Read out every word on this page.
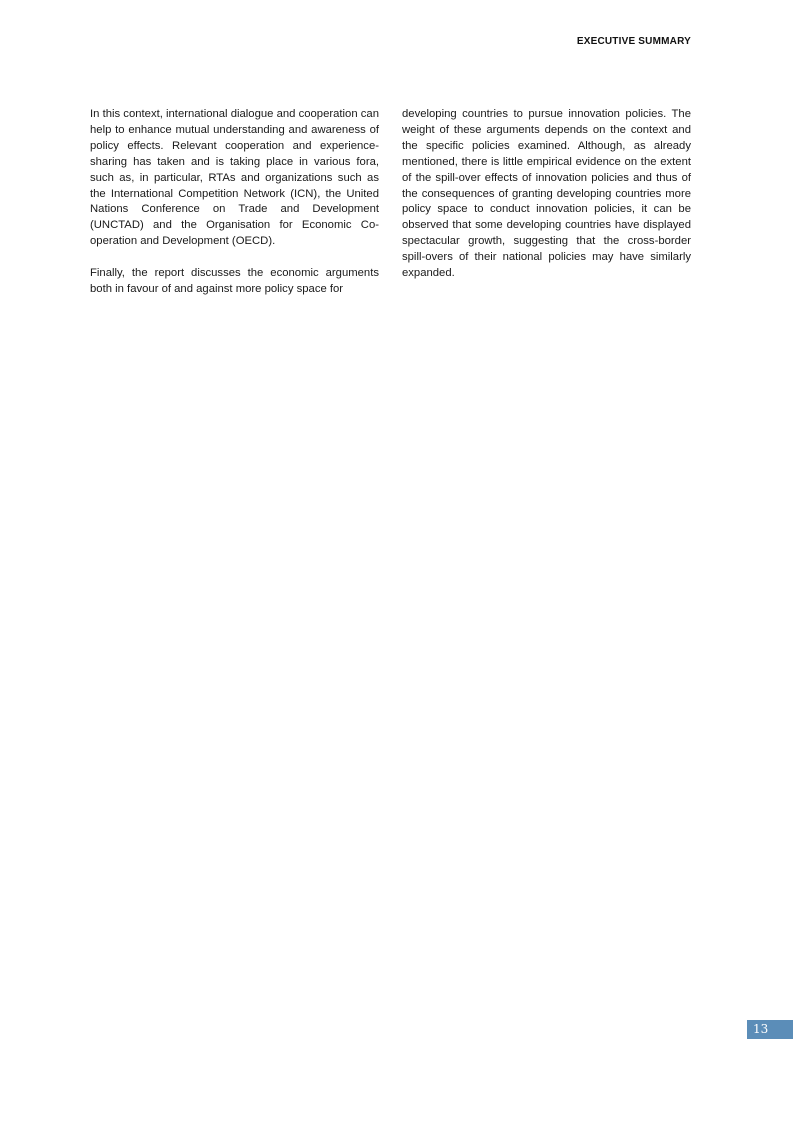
EXECUTIVE SUMMARY

In this context, international dialogue and cooperation can help to enhance mutual understanding and awareness of policy effects. Relevant cooperation and experience-sharing has taken and is taking place in various fora, such as, in particular, RTAs and organizations such as the International Competition Network (ICN), the United Nations Conference on Trade and Development (UNCTAD) and the Organisation for Economic Co-operation and Development (OECD).

Finally, the report discusses the economic arguments both in favour of and against more policy space for

developing countries to pursue innovation policies. The weight of these arguments depends on the context and the specific policies examined. Although, as already mentioned, there is little empirical evidence on the extent of the spill-over effects of innovation policies and thus of the consequences of granting developing countries more policy space to conduct innovation policies, it can be observed that some developing countries have displayed spectacular growth, suggesting that the cross-border spill-overs of their national policies may have similarly expanded.

13
